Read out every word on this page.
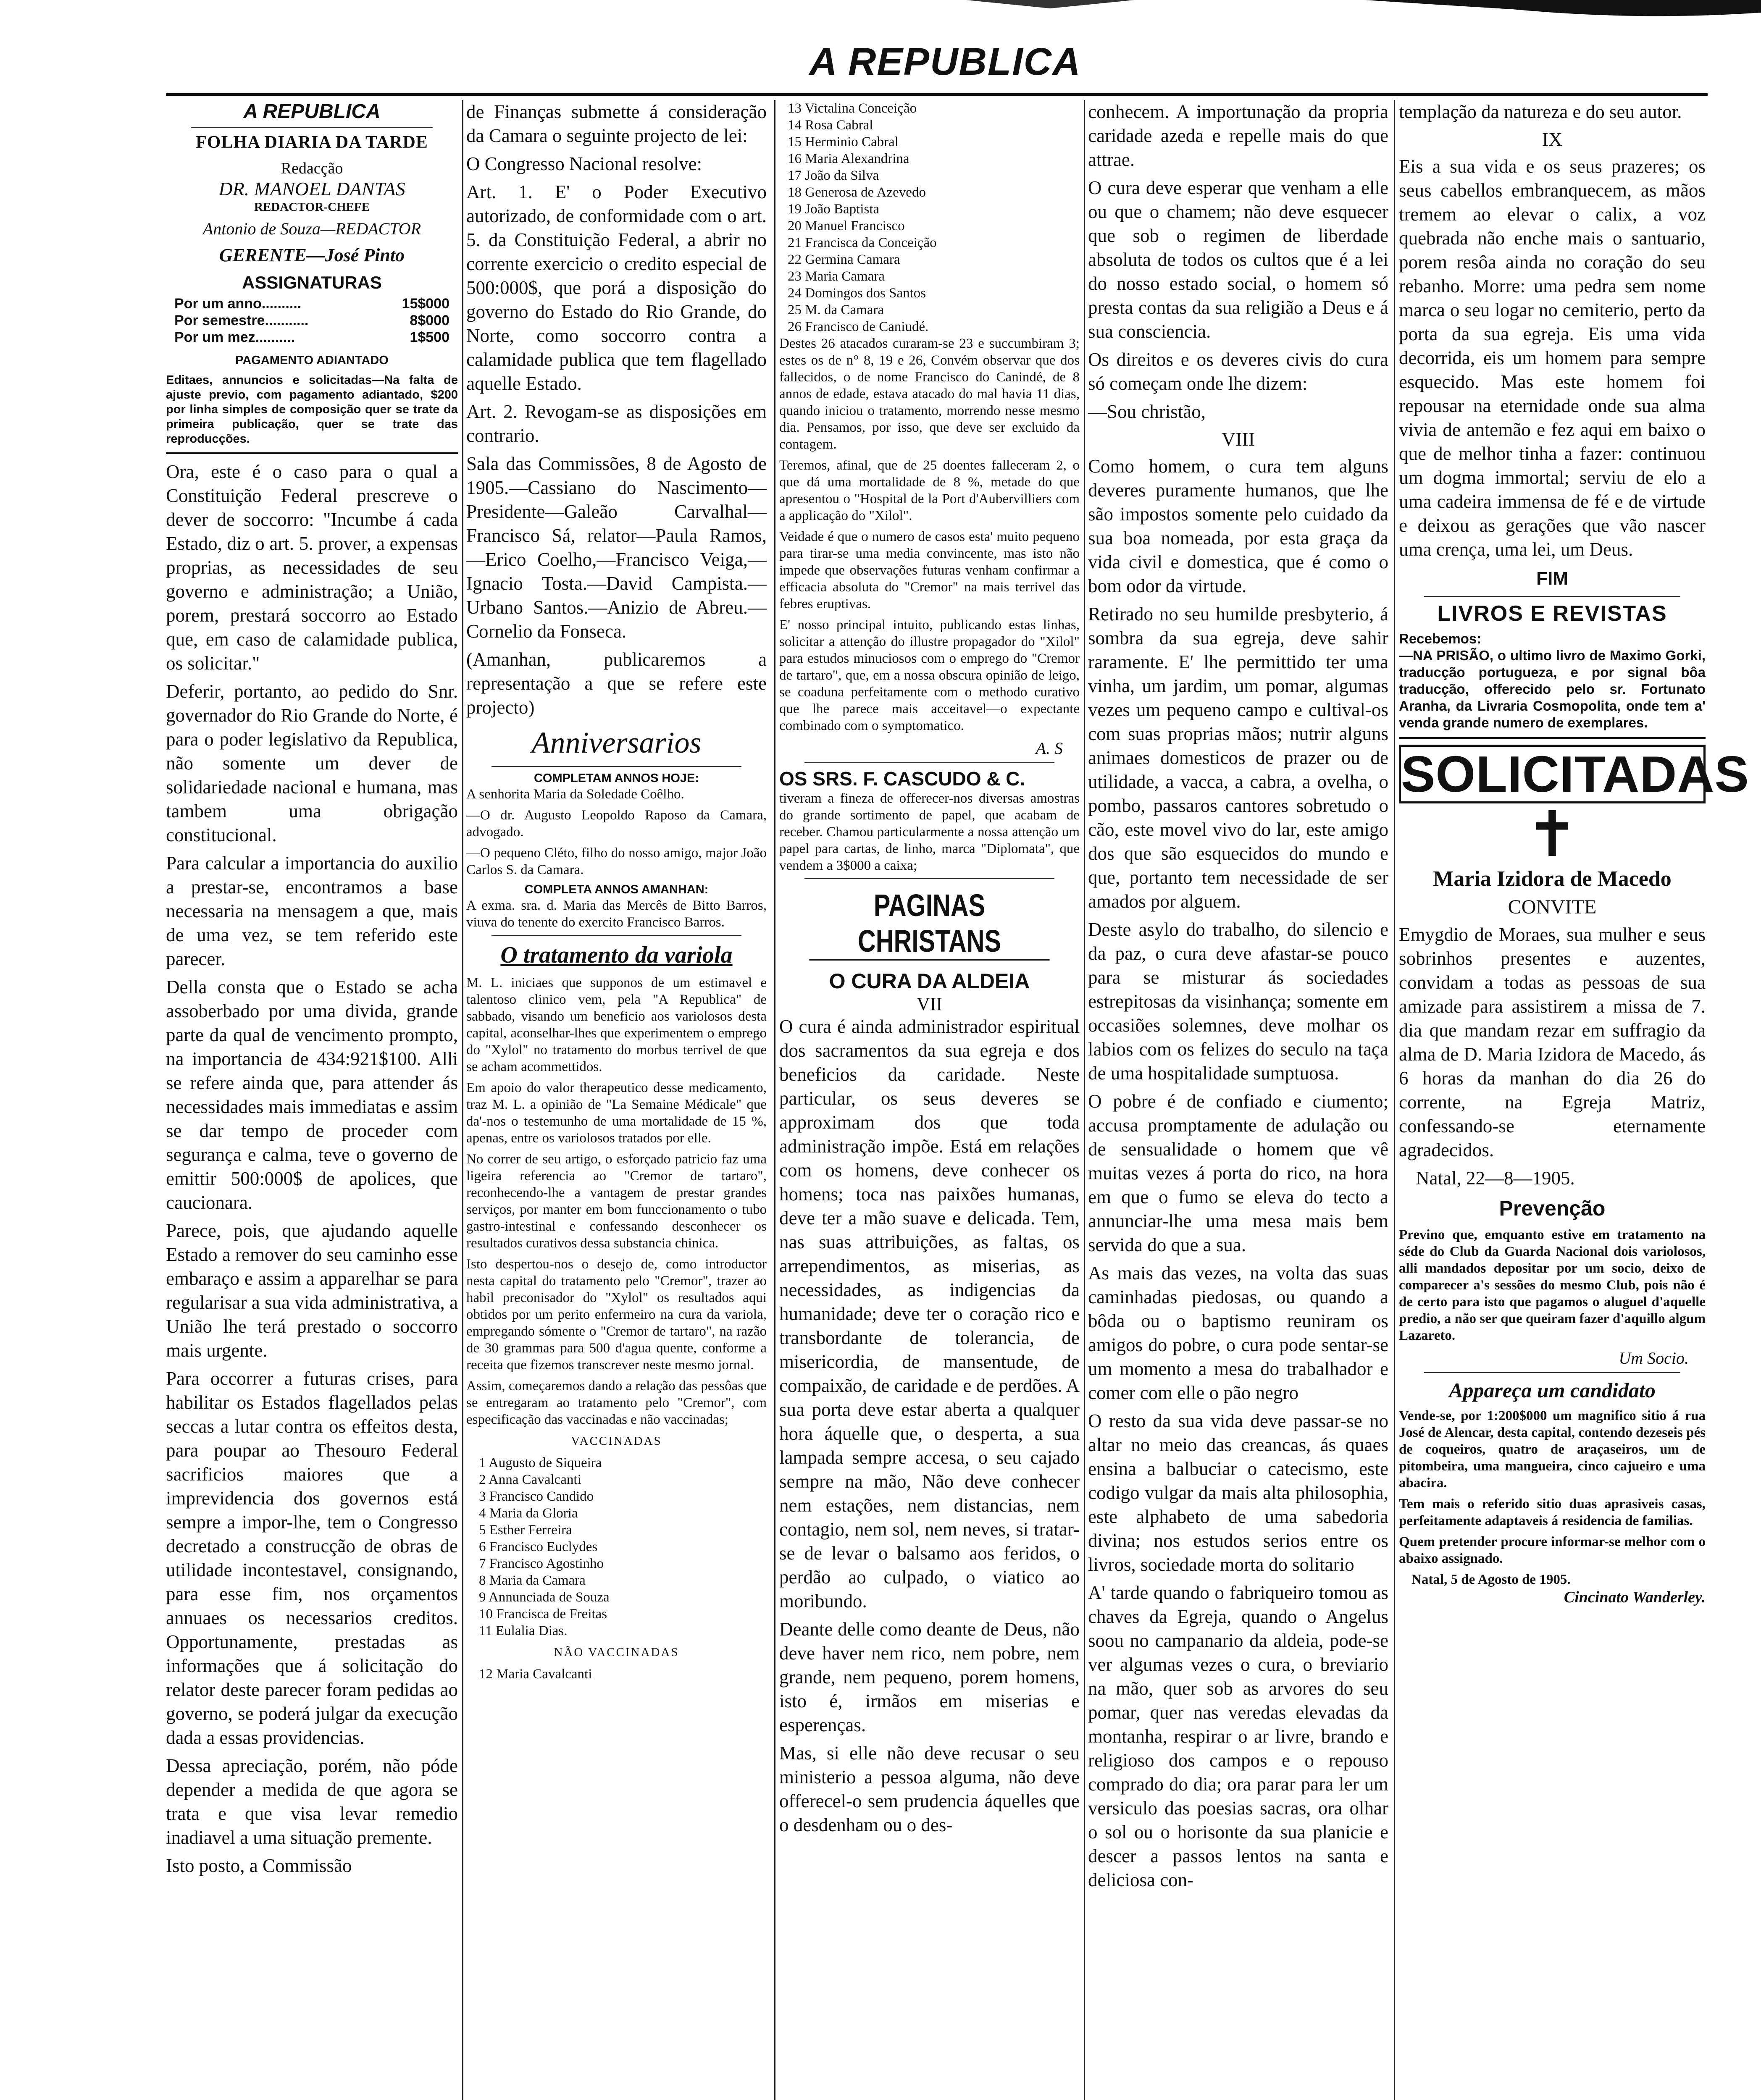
A REPUBLICA
A REPUBLICA
FOLHA DIARIA DA TARDE
Redacção
DR. MANOEL DANTAS
REDACTOR-CHEFE
Antonio de Souza—REDACTOR
GERENTE—José Pinto
ASSIGNATURAS
Por um anno..........	15$000
Por semestre...........	8$000
Por um mez..........	1$500
PAGAMENTO ADIANTADO

Editaes, annuncios e solicitadas—Na falta de ajuste previo, com pagamento adiantado, $200 por linha simples de composição quer se trate da primeira publicação, quer se trate das reproducções.

Ora, este é o caso para o qual a Constituição Federal prescreve o dever de soccorro: "Incumbe á cada Estado, diz o art. 5. prover, a expensas proprias, as necessidades de seu governo e administração; a União, porem, prestará soccorro ao Estado que, em caso de calamidade publica, os solicitar."

Deferir, portanto, ao pedido do Snr. governador do Rio Grande do Norte, é para o poder legislativo da Republica, não somente um dever de solidariedade nacional e humana, mas tambem uma obrigação constitucional.

Para calcular a importancia do auxilio a prestar-se, encontramos a base necessaria na mensagem a que, mais de uma vez, se tem referido este parecer.

Della consta que o Estado se acha assoberbado por uma divida, grande parte da qual de vencimento prompto, na importancia de 434:921$100. Alli se refere ainda que, para attender ás necessidades mais immediatas e assim se dar tempo de proceder com segurança e calma, teve o governo de emittir 500:000$ de apolices, que caucionara.

Parece, pois, que ajudando aquelle Estado a remover do seu caminho esse embaraço e assim a apparelhar se para regularisar a sua vida administrativa, a União lhe terá prestado o soccorro mais urgente.

Para occorrer a futuras crises, para habilitar os Estados flagellados pelas seccas a lutar contra os effeitos desta, para poupar ao Thesouro Federal sacrificios maiores que a imprevidencia dos governos está sempre a impor-lhe, tem o Congresso decretado a construcção de obras de utilidade incontestavel, consignando, para esse fim, nos orçamentos annuaes os necessarios creditos. Opportunamente, prestadas as informações que á solicitação do relator deste parecer foram pedidas ao governo, se poderá julgar da execução dada a essas providencias.

Dessa apreciação, porém, não póde depender a medida de que agora se trata e que visa levar remedio inadiavel a uma situação premente.

Isto posto, a Commissão

de Finanças submette á consideração da Camara o seguinte projecto de lei:

O Congresso Nacional resolve:

Art. 1. E' o Poder Executivo autorizado, de conformidade com o art. 5. da Constituição Federal, a abrir no corrente exercicio o credito especial de 500:000$, que porá a disposição do governo do Estado do Rio Grande, do Norte, como soccorro contra a calamidade publica que tem flagellado aquelle Estado.

Art. 2. Revogam-se as disposições em contrario.

Sala das Commissões, 8 de Agosto de 1905.—Cassiano do Nascimento—Presidente—Galeão Carvalhal—Francisco Sá, relator—Paula Ramos, —Erico Coelho,—Francisco Veiga,—Ignacio Tosta.—David Campista.—Urbano Santos.—Anizio de Abreu.—Cornelio da Fonseca.

(Amanhan, publicaremos a representação a que se refere este projecto)

Anniversarios
COMPLETAM ANNOS HOJE:

A senhorita Maria da Soledade Coêlho.

—O dr. Augusto Leopoldo Raposo da Camara, advogado.

—O pequeno Cléto, filho do nosso amigo, major João Carlos S. da Camara.

COMPLETA ANNOS AMANHAN:

A exma. sra. d. Maria das Mercês de Bitto Barros, viuva do tenente do exercito Francisco Barros.

O tratamento da variola

M. L. iniciaes que supponos de um estimavel e talentoso clinico vem, pela "A Republica" de sabbado, visando um beneficio aos variolosos desta capital, aconselhar-lhes que experimentem o emprego do "Xylol" no tratamento do morbus terrivel de que se acham acommettidos.

Em apoio do valor therapeutico desse medicamento, traz M. L. a opinião de "La Semaine Médicale" que da'-nos o testemunho de uma mortalidade de 15 %, apenas, entre os variolosos tratados por elle.

No correr de seu artigo, o esforçado patricio faz uma ligeira referencia ao "Cremor de tartaro", reconhecendo-lhe a vantagem de prestar grandes serviços, por manter em bom funccionamento o tubo gastro-intestinal e confessando desconhecer os resultados curativos dessa substancia chinica.

Isto despertou-nos o desejo de, como introductor nesta capital do tratamento pelo "Cremor", trazer ao habil preconisador do "Xylol" os resultados aqui obtidos por um perito enfermeiro na cura da variola, empregando sómente o "Cremor de tartaro", na razão de 30 grammas para 500 d'agua quente, conforme a receita que fizemos transcrever neste mesmo jornal.

Assim, começaremos dando a relação das pessôas que se entregaram ao tratamento pelo "Cremor", com especificação das vaccinadas e não vaccinadas;

VACCINADAS
1 Augusto de Siqueira
2 Anna Cavalcanti
3 Francisco Candido
4 Maria da Gloria
5 Esther Ferreira
6 Francisco Euclydes
7 Francisco Agostinho
8 Maria da Camara
9 Annunciada de Souza
10 Francisca de Freitas
11 Eulalia Dias.
NÃO VACCINADAS
12 Maria Cavalcanti
13 Victalina Conceição
14 Rosa Cabral
15 Herminio Cabral
16 Maria Alexandrina
17 João da Silva
18 Generosa de Azevedo
19 João Baptista
20 Manuel Francisco
21 Francisca da Conceição
22 Germina Camara
23 Maria Camara
24 Domingos dos Santos
25 M. da Camara
26 Francisco de Caniudé.

Destes 26 atacados curaram-se 23 e succumbiram 3; estes os de n° 8, 19 e 26, Convém observar que dos fallecidos, o de nome Francisco do Canindé, de 8 annos de edade, estava atacado do mal havia 11 dias, quando iniciou o tratamento, morrendo nesse mesmo dia. Pensamos, por isso, que deve ser excluido da contagem.

Teremos, afinal, que de 25 doentes falleceram 2, o que dá uma mortalidade de 8 %, metade do que apresentou o "Hospital de la Port d'Aubervilliers com a applicação do "Xilol".

Veidade é que o numero de casos esta' muito pequeno para tirar-se uma media convincente, mas isto não impede que observações futuras venham confirmar a efficacia absoluta do "Cremor" na mais terrivel das febres eruptivas.

E' nosso principal intuito, publicando estas linhas, solicitar a attenção do illustre propagador do "Xilol" para estudos minuciosos com o emprego do "Cremor de tartaro", que, em a nossa obscura opinião de leigo, se coaduna perfeitamente com o methodo curativo que lhe parece mais acceitavel—o expectante combinado com o symptomatico.

A. S
OS SRS. F. CASCUDO & C.

tiveram a fineza de offerecer-nos diversas amostras do grande sortimento de papel, que acabam de receber. Chamou particularmente a nossa attenção um papel para cartas, de linho, marca "Diplomata", que vendem a 3$000 a caixa;

PAGINAS CHRISTANS
O CURA DA ALDEIA
VII

O cura é ainda administrador espiritual dos sacramentos da sua egreja e dos beneficios da caridade. Neste particular, os seus deveres se approximam dos que toda administração impõe. Está em relações com os homens, deve conhecer os homens; toca nas paixões humanas, deve ter a mão suave e delicada. Tem, nas suas attribuições, as faltas, os arrependimentos, as miserias, as necessidades, as indigencias da humanidade; deve ter o coração rico e transbordante de tolerancia, de misericordia, de mansentude, de compaixão, de caridade e de perdões. A sua porta deve estar aberta a qualquer hora áquelle que, o desperta, a sua lampada sempre accesa, o seu cajado sempre na mão, Não deve conhecer nem estações, nem distancias, nem contagio, nem sol, nem neves, si tratar-se de levar o balsamo aos feridos, o perdão ao culpado, o viatico ao moribundo.

Deante delle como deante de Deus, não deve haver nem rico, nem pobre, nem grande, nem pequeno, porem homens, isto é, irmãos em miserias e esperenças.

Mas, si elle não deve recusar o seu ministerio a pessoa alguma, não deve offerecel-o sem prudencia áquelles que o desdenham ou o des-

conhecem. A importunação da propria caridade azeda e repelle mais do que attrae.

O cura deve esperar que venham a elle ou que o chamem; não deve esquecer que sob o regimen de liberdade absoluta de todos os cultos que é a lei do nosso estado social, o homem só presta contas da sua religião a Deus e á sua consciencia.

Os direitos e os deveres civis do cura só começam onde lhe dizem:

—Sou christão,

VIII

Como homem, o cura tem alguns deveres puramente humanos, que lhe são impostos somente pelo cuidado da sua boa nomeada, por esta graça da vida civil e domestica, que é como o bom odor da virtude.

Retirado no seu humilde presbyterio, á sombra da sua egreja, deve sahir raramente. E' lhe permittido ter uma vinha, um jardim, um pomar, algumas vezes um pequeno campo e cultival-os com suas proprias mãos; nutrir alguns animaes domesticos de prazer ou de utilidade, a vacca, a cabra, a ovelha, o pombo, passaros cantores sobretudo o cão, este movel vivo do lar, este amigo dos que são esquecidos do mundo e que, portanto tem necessidade de ser amados por alguem.

Deste asylo do trabalho, do silencio e da paz, o cura deve afastar-se pouco para se misturar ás sociedades estrepitosas da visinhança; somente em occasiões solemnes, deve molhar os labios com os felizes do seculo na taça de uma hospitalidade sumptuosa.

O pobre é de confiado e ciumento; accusa promptamente de adulação ou de sensualidade o homem que vê muitas vezes á porta do rico, na hora em que o fumo se eleva do tecto a annunciar-lhe uma mesa mais bem servida do que a sua.

As mais das vezes, na volta das suas caminhadas piedosas, ou quando a bôda ou o baptismo reuniram os amigos do pobre, o cura pode sentar-se um momento a mesa do trabalhador e comer com elle o pão negro

O resto da sua vida deve passar-se no altar no meio das creancas, ás quaes ensina a balbuciar o catecismo, este codigo vulgar da mais alta philosophia, este alphabeto de uma sabedoria divina; nos estudos serios entre os livros, sociedade morta do solitario

A' tarde quando o fabriqueiro tomou as chaves da Egreja, quando o Angelus soou no campanario da aldeia, pode-se ver algumas vezes o cura, o breviario na mão, quer sob as arvores do seu pomar, quer nas veredas elevadas da montanha, respirar o ar livre, brando e religioso dos campos e o repouso comprado do dia; ora parar para ler um versiculo das poesias sacras, ora olhar o sol ou o horisonte da sua planicie e descer a passos lentos na santa e deliciosa con-

templação da natureza e do seu autor.

IX

Eis a sua vida e os seus prazeres; os seus cabellos embranquecem, as mãos tremem ao elevar o calix, a voz quebrada não enche mais o santuario, porem resôa ainda no coração do seu rebanho. Morre: uma pedra sem nome marca o seu logar no cemiterio, perto da porta da sua egreja. Eis uma vida decorrida, eis um homem para sempre esquecido. Mas este homem foi repousar na eternidade onde sua alma vivia de antemão e fez aqui em baixo o que de melhor tinha a fazer: continuou um dogma immortal; serviu de elo a uma cadeira immensa de fé e de virtude e deixou as gerações que vão nascer uma crença, uma lei, um Deus.

FIM
LIVROS E REVISTAS
Recebemos:

—NA PRISÃO, o ultimo livro de Maximo Gorki, traducção portugueza, e por signal bôa traducção, offerecido pelo sr. Fortunato Aranha, da Livraria Cosmopolita, onde tem a' venda grande numero de exemplares.

SOLICITADAS
✝
Maria Izidora de Macedo
CONVITE

Emygdio de Moraes, sua mulher e seus sobrinhos presentes e auzentes, convidam a todas as pessoas de sua amizade para assistirem a missa de 7. dia que mandam rezar em suffragio da alma de D. Maria Izidora de Macedo, ás 6 horas da manhan do dia 26 do corrente, na Egreja Matriz, confessando-se eternamente agradecidos.

Natal, 22—8—1905.
Prevenção

Previno que, emquanto estive em tratamento na séde do Club da Guarda Nacional dois variolosos, alli mandados depositar por um socio, deixo de comparecer a's sessões do mesmo Club, pois não é de certo para isto que pagamos o aluguel d'aquelle predio, a não ser que queiram fazer d'aquillo algum Lazareto.

Um Socio.
Appareça um candidato

Vende-se, por 1:200$000 um magnifico sitio á rua José de Alencar, desta capital, contendo dezeseis pés de coqueiros, quatro de araçaseiros, um de pitombeira, uma mangueira, cinco cajueiro e uma abacira.

Tem mais o referido sitio duas aprasiveis casas, perfeitamente adaptaveis á residencia de familias.

Quem pretender procure informar-se melhor com o abaixo assignado.

Natal, 5 de Agosto de 1905.
Cincinato Wanderley.
